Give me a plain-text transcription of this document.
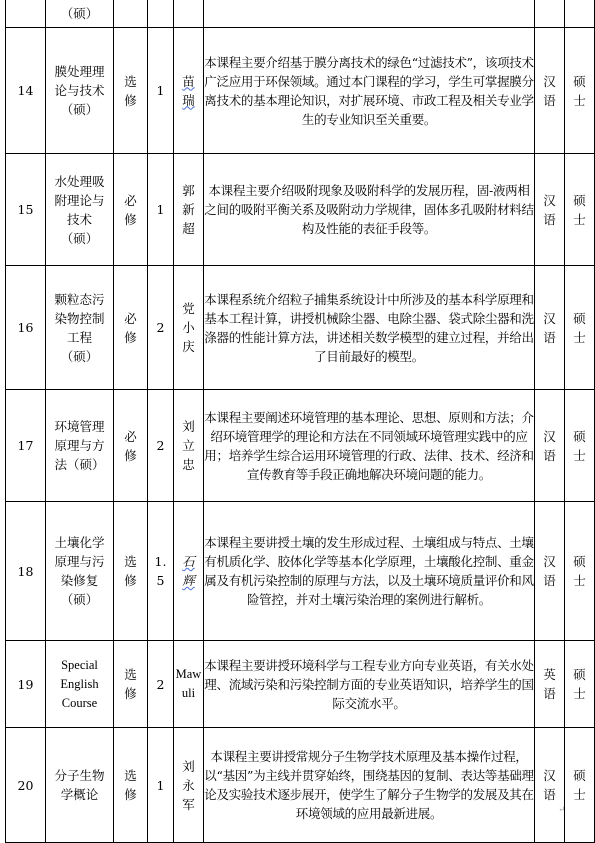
	（硕）						
14	膜处理理论与技术（硕）	选修	1	苗瑞	本课程主要介绍基于膜分离技术的绿色“过滤技术”，该项技术广泛应用于环保领域。通过本门课程的学习，学生可掌握膜分离技术的基本理论知识，对扩展环境、市政工程及相关专业学生的专业知识至关重要。	汉语	硕士
15	水处理吸附理论与技术（硕）	必修	1	郭新超	本课程主要介绍吸附现象及吸附科学的发展历程，固-液两相之间的吸附平衡关系及吸附动力学规律，固体多孔吸附材料结构及性能的表征手段等。	汉语	硕士
16	颗粒态污染物控制工程（硕）	必修	2	党小庆	本课程系统介绍粒子捕集系统设计中所涉及的基本科学原理和基本工程计算，讲授机械除尘器、电除尘器、袋式除尘器和洗涤器的性能计算方法，讲述相关数学模型的建立过程，并给出了目前最好的模型。	汉语	硕士
17	环境管理原理与方法（硕）	必修	2	刘立忠	本课程主要阐述环境管理的基本理论、思想、原则和方法；介绍环境管理学的理论和方法在不同领域环境管理实践中的应用；培养学生综合运用环境管理的行政、法律、技术、经济和宣传教育等手段正确地解决环境问题的能力。	汉语	硕士
18	土壤化学原理与污染修复（硕）	选修	1.5	石辉	本课程主要讲授土壤的发生形成过程、土壤组成与特点、土壤有机质化学、胶体化学等基本化学原理，土壤酸化控制、重金属及有机污染控制的原理与方法，以及土壤环境质量评价和风险管控，并对土壤污染治理的案例进行解析。	汉语	硕士
19	Special English Course	选修	2	Mawuli	本课程主要讲授环境科学与工程专业方向专业英语，有关水处理、流域污染和污染控制方面的专业英语知识，培养学生的国际交流水平。	英语	硕士
20	分子生物学概论	选修	1	刘永军	本课程主要讲授常规分子生物学技术原理及基本操作过程，以“基因”为主线并贯穿始终，围绕基因的复制、表达等基础理论及实验技术逐步展开，使学生了解分子生物学的发展及其在环境领域的应用最新进展。	汉语	硕士
↵
